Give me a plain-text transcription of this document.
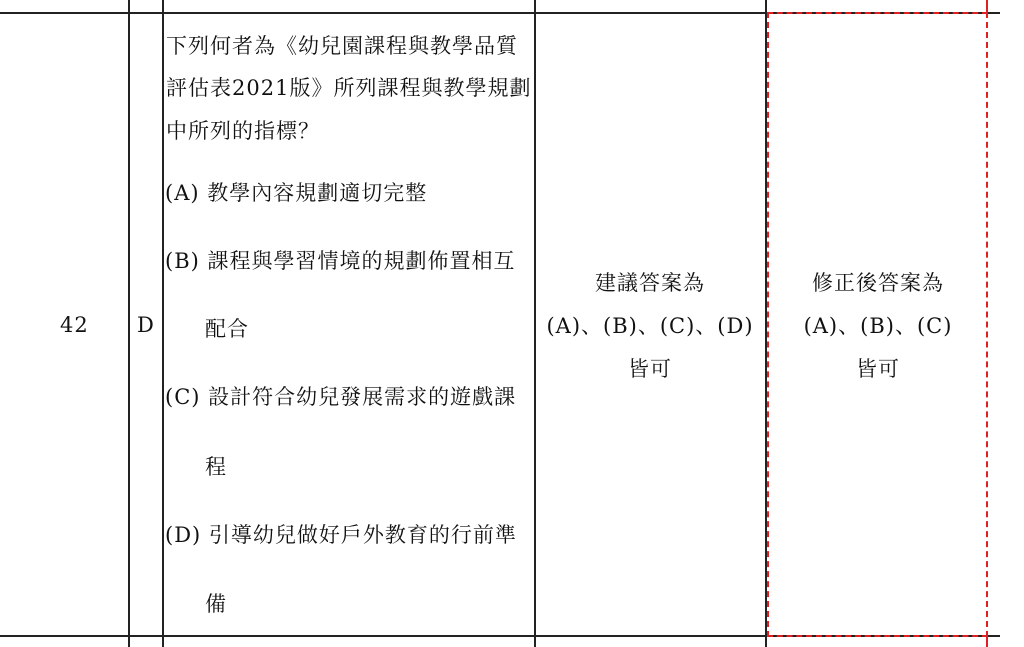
42 D
下列何者為《幼兒園課程與教學品質
評估表2021版》所列課程與教學規劃
中所列的指標？
(A) 教學內容規劃適切完整
(B) 課程與學習情境的規劃佈置相互
配合
(C) 設計符合幼兒發展需求的遊戲課
程
(D) 引導幼兒做好戶外教育的行前準
備
建議答案為
(A)、(B)、(C)、(D)
皆可
修正後答案為
(A)、(B)、(C)
皆可
